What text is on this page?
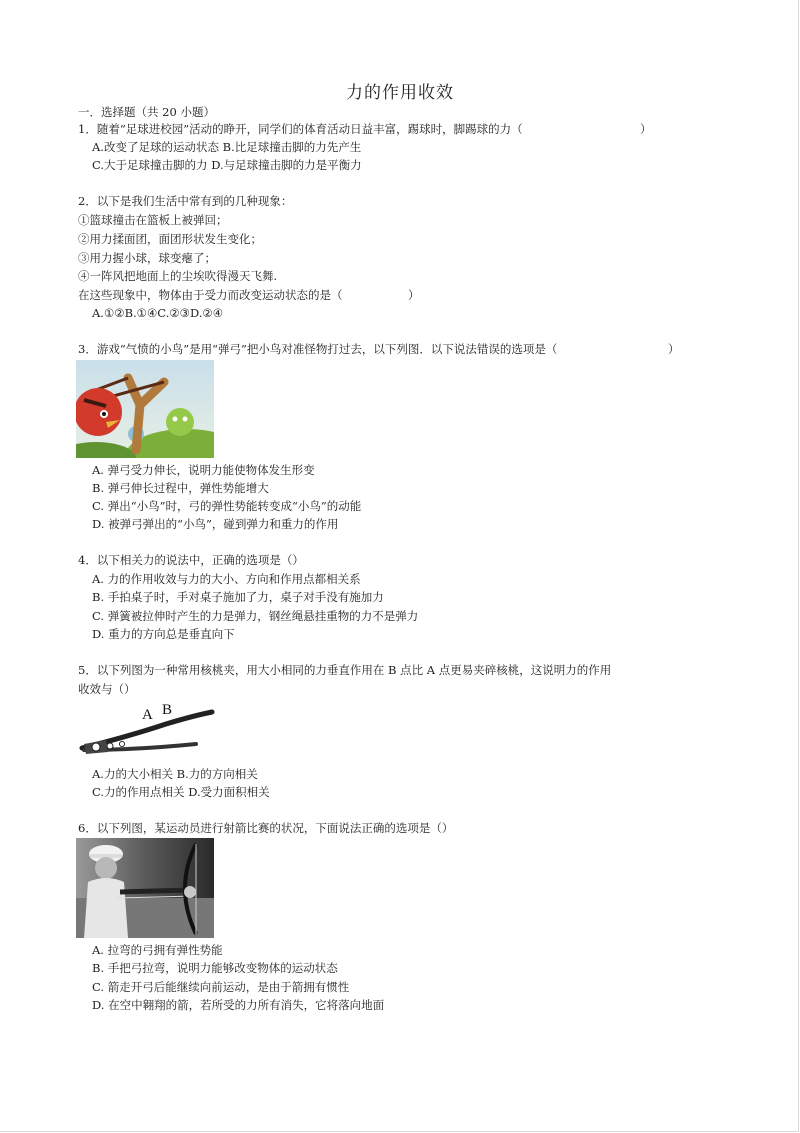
力的作用收效
一．选择题（共 20 小题）
1．随着“足球进校园”活动的睁开，同学们的体育活动日益丰富，踢球时，脚踢球的力（	）
A.改变了足球的运动状态 B.比足球撞击脚的力先产生
C.大于足球撞击脚的力 D.与足球撞击脚的力是平衡力
2．以下是我们生活中常有到的几种现象：
①篮球撞击在篮板上被弹回；
②用力揉面团，面团形状发生变化；
③用力握小球，球变瘪了；
④一阵风把地面上的尘埃吹得漫天飞舞.
在这些现象中，物体由于受力而改变运动状态的是（	）
A.①②B.①④C.②③D.②④
3．游戏“气愤的小鸟”是用“弹弓”把小鸟对准怪物打过去，以下列图．以下说法错误的选项是（	）
A. 弹弓受力伸长，说明力能使物体发生形变
B. 弹弓伸长过程中，弹性势能增大
C. 弹出“小鸟”时，弓的弹性势能转变成“小鸟”的动能
D. 被弹弓弹出的“小鸟”，碰到弹力和重力的作用
4．以下相关力的说法中，正确的选项是（）
A. 力的作用收效与力的大小、方向和作用点都相关系
B. 手拍桌子时，手对桌子施加了力，桌子对手没有施加力
C. 弹簧被拉伸时产生的力是弹力，钢丝绳悬挂重物的力不是弹力
D. 重力的方向总是垂直向下
5．以下列图为一种常用核桃夹，用大小相同的力垂直作用在 B 点比 A 点更易夹碎核桃，这说明力的作用
收效与（）
A B
A.力的大小相关 B.力的方向相关
C.力的作用点相关 D.受力面积相关
6．以下列图，某运动员进行射箭比赛的状况，下面说法正确的选项是（）
A. 拉弯的弓拥有弹性势能
B. 手把弓拉弯，说明力能够改变物体的运动状态
C. 箭走开弓后能继续向前运动，是由于箭拥有惯性
D. 在空中翱翔的箭，若所受的力所有消失，它将落向地面
